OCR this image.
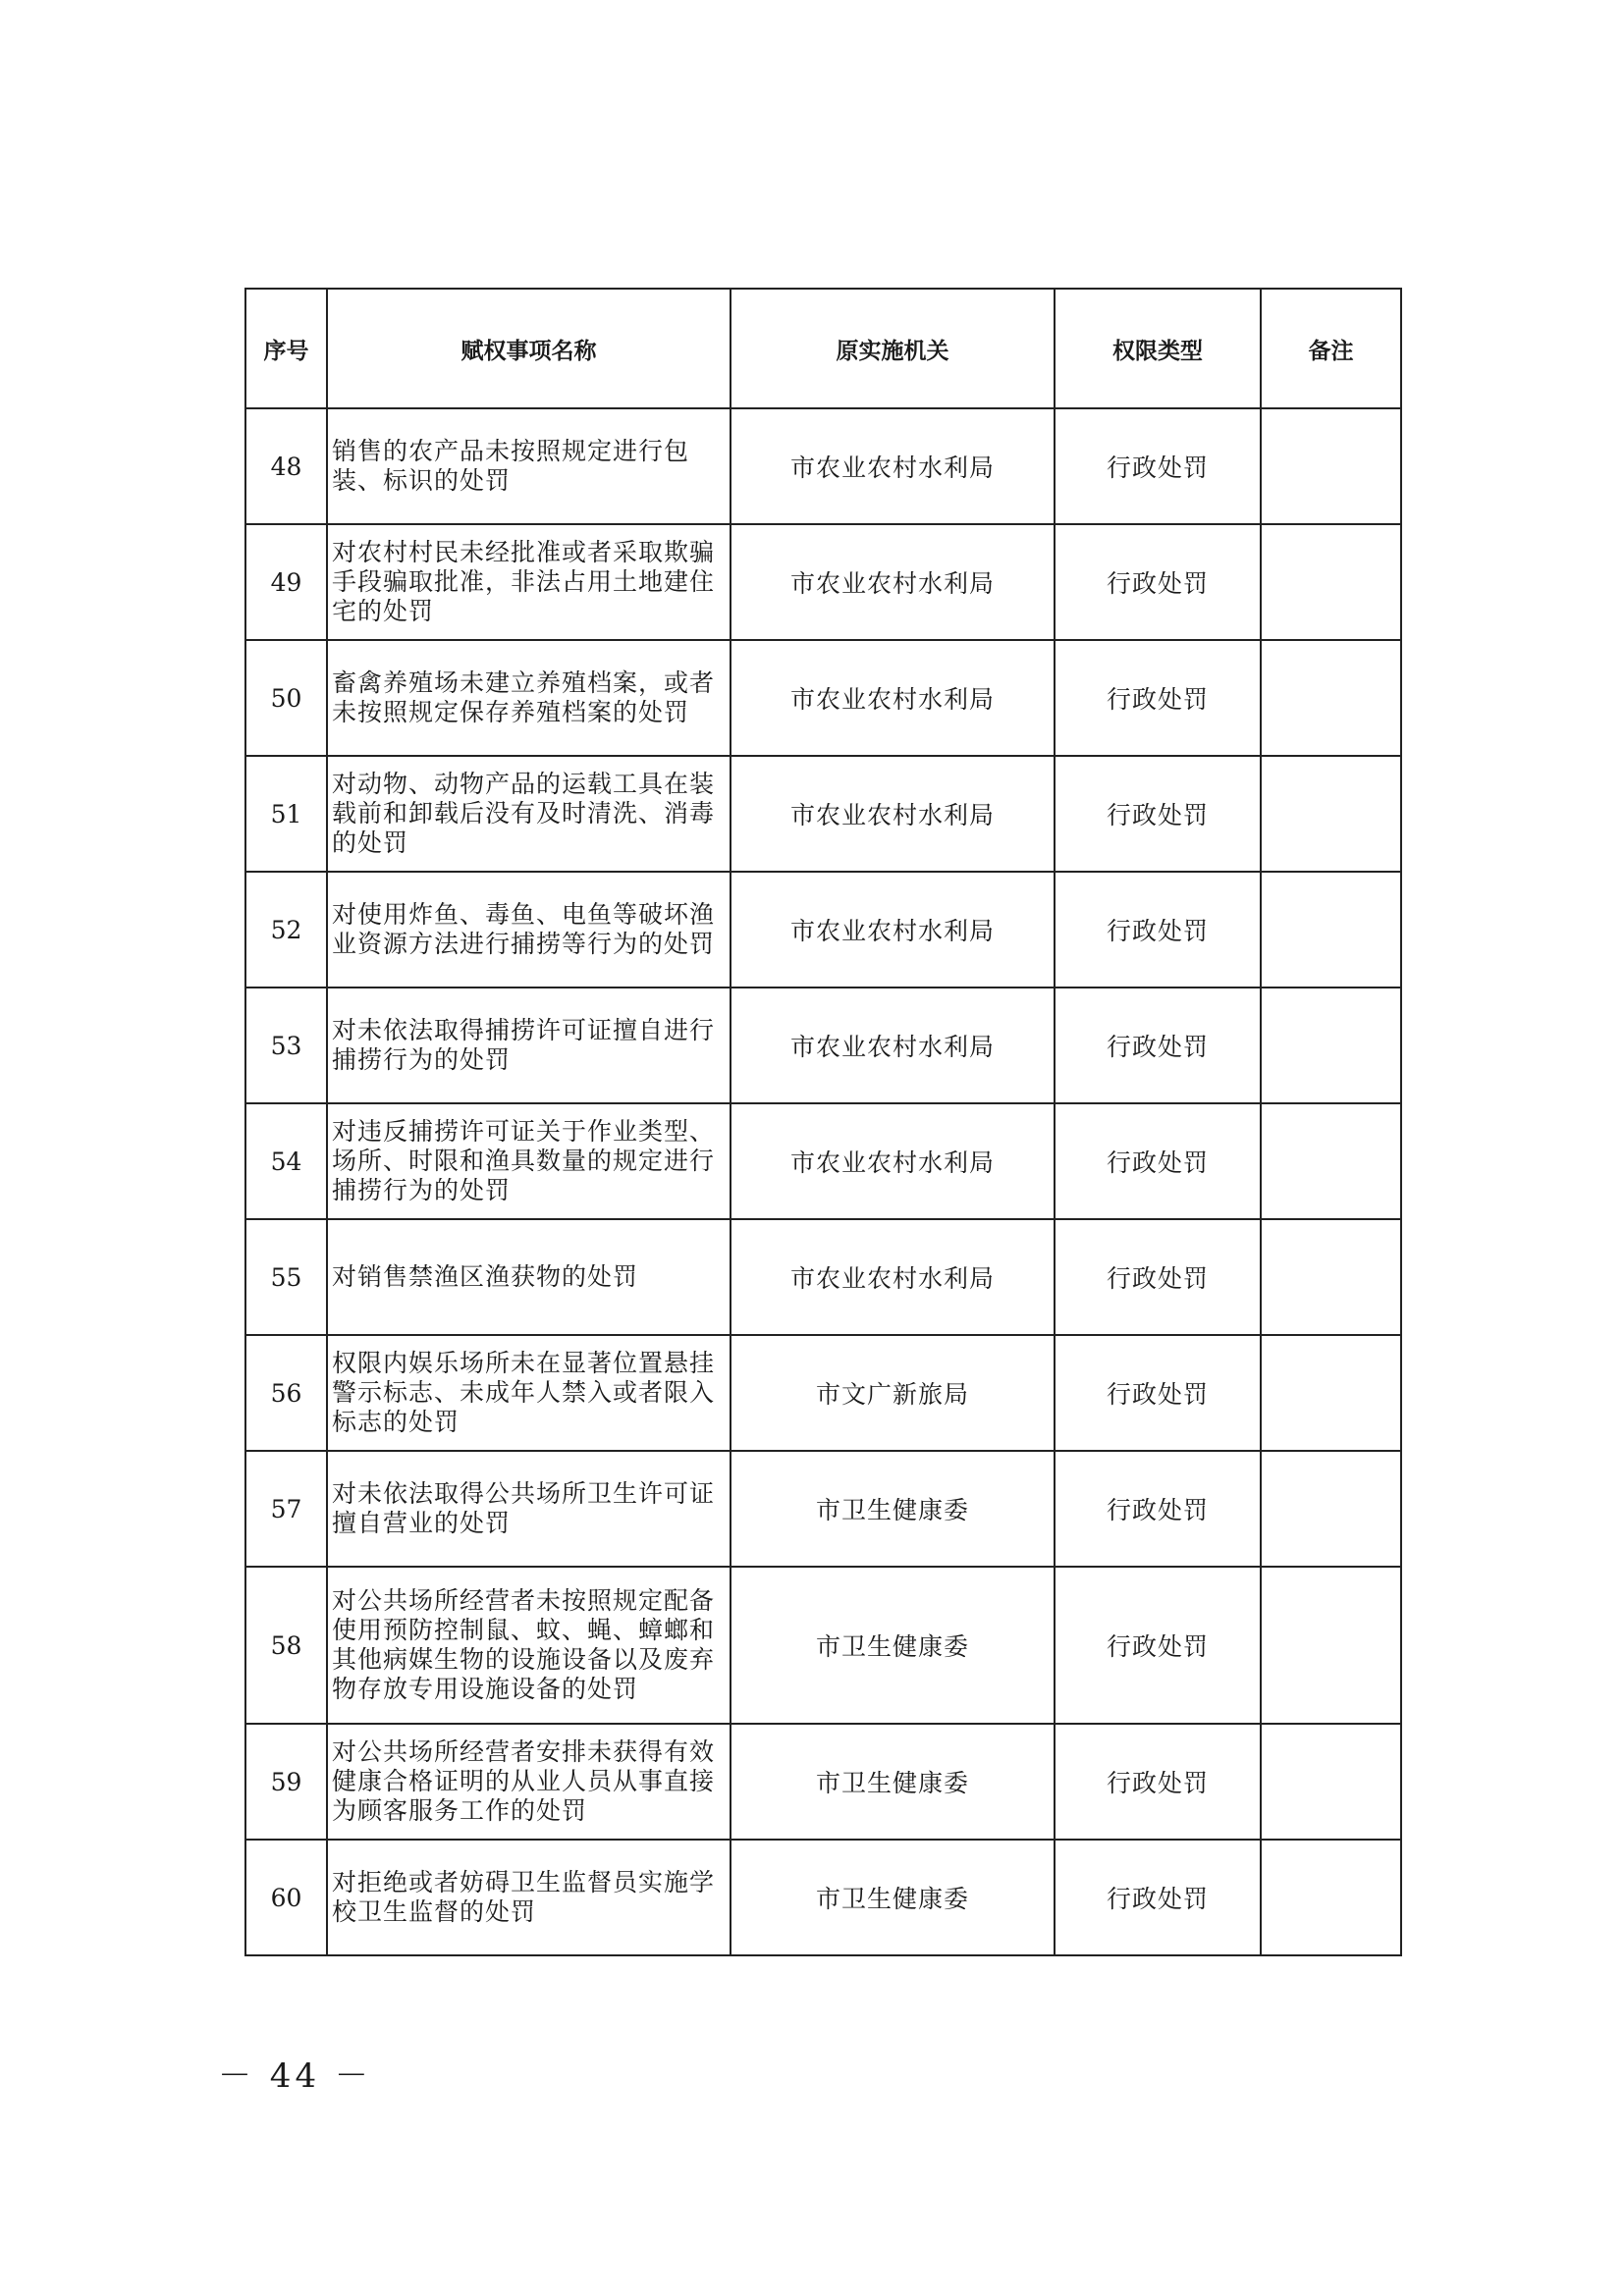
序号	赋权事项名称	原实施机关	权限类型	备注
48	销售的农产品未按照规定进行包装、标识的处罚	市农业农村水利局	行政处罚	
49	对农村村民未经批准或者采取欺骗手段骗取批准，非法占用土地建住宅的处罚	市农业农村水利局	行政处罚	
50	畜禽养殖场未建立养殖档案，或者未按照规定保存养殖档案的处罚	市农业农村水利局	行政处罚	
51	对动物、动物产品的运载工具在装载前和卸载后没有及时清洗、消毒的处罚	市农业农村水利局	行政处罚	
52	对使用炸鱼、毒鱼、电鱼等破坏渔业资源方法进行捕捞等行为的处罚	市农业农村水利局	行政处罚	
53	对未依法取得捕捞许可证擅自进行捕捞行为的处罚	市农业农村水利局	行政处罚	
54	对违反捕捞许可证关于作业类型、场所、时限和渔具数量的规定进行捕捞行为的处罚	市农业农村水利局	行政处罚	
55	对销售禁渔区渔获物的处罚	市农业农村水利局	行政处罚	
56	权限内娱乐场所未在显著位置悬挂警示标志、未成年人禁入或者限入标志的处罚	市文广新旅局	行政处罚	
57	对未依法取得公共场所卫生许可证擅自营业的处罚	市卫生健康委	行政处罚	
58	对公共场所经营者未按照规定配备使用预防控制鼠、蚊、蝇、蟑螂和其他病媒生物的设施设备以及废弃物存放专用设施设备的处罚	市卫生健康委	行政处罚	
59	对公共场所经营者安排未获得有效健康合格证明的从业人员从事直接为顾客服务工作的处罚	市卫生健康委	行政处罚	
60	对拒绝或者妨碍卫生监督员实施学校卫生监督的处罚	市卫生健康委	行政处罚	
－ 44 －
